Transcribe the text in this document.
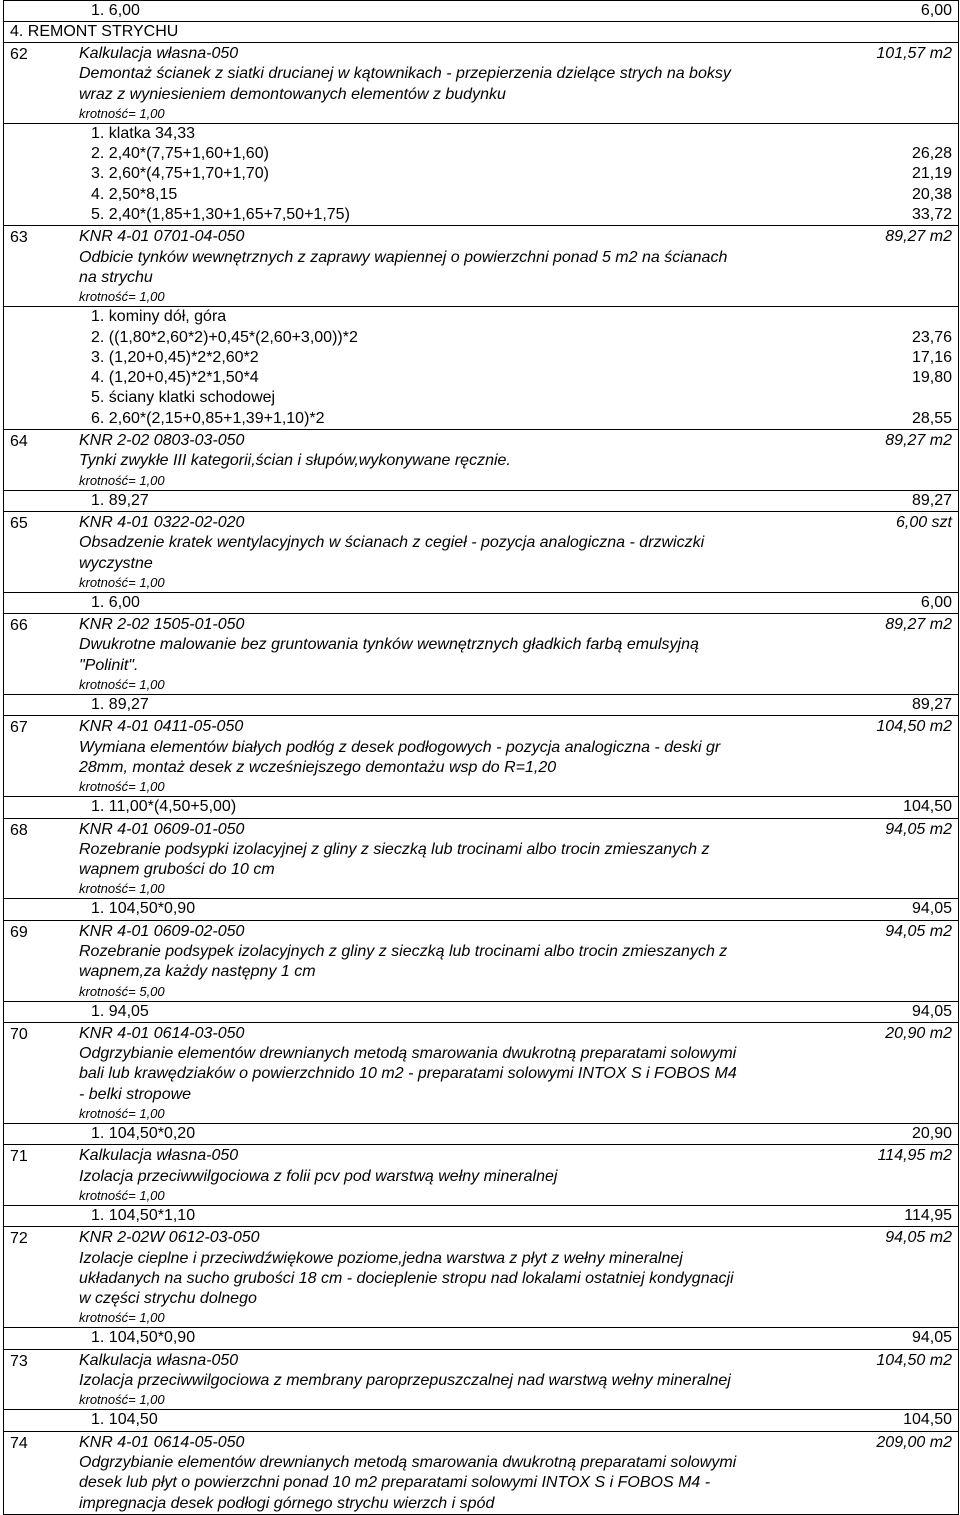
1. 6,00	6,00
4. REMONT STRYCHU
62	Kalkulacja własna-050	101,57 m2
Demontaż ścianek z siatki drucianej w kątownikach - przepierzenia dzielące strych na boksy
wraz z wyniesieniem demontowanych elementów z budynku
krotność= 1,00
1. klatka 34,33
2. 2,40*(7,75+1,60+1,60)	26,28
3. 2,60*(4,75+1,70+1,70)	21,19
4. 2,50*8,15	20,38
5. 2,40*(1,85+1,30+1,65+7,50+1,75)	33,72
63	KNR 4-01 0701-04-050	89,27 m2
Odbicie tynków wewnętrznych z zaprawy wapiennej o powierzchni ponad 5 m2 na ścianach
na strychu
krotność= 1,00
1. kominy dół, góra
2. ((1,80*2,60*2)+0,45*(2,60+3,00))*2	23,76
3. (1,20+0,45)*2*2,60*2	17,16
4. (1,20+0,45)*2*1,50*4	19,80
5. ściany klatki schodowej
6. 2,60*(2,15+0,85+1,39+1,10)*2	28,55
64	KNR 2-02 0803-03-050	89,27 m2
Tynki zwykłe III kategorii,ścian i słupów,wykonywane ręcznie.
krotność= 1,00
1. 89,27	89,27
65	KNR 4-01 0322-02-020	6,00 szt
Obsadzenie kratek wentylacyjnych w ścianach z cegieł - pozycja analogiczna - drzwiczki
wyczystne
krotność= 1,00
1. 6,00	6,00
66	KNR 2-02 1505-01-050	89,27 m2
Dwukrotne malowanie bez gruntowania tynków wewnętrznych gładkich farbą emulsyjną
"Polinit".
krotność= 1,00
1. 89,27	89,27
67	KNR 4-01 0411-05-050	104,50 m2
Wymiana elementów białych podłóg z desek podłogowych - pozycja analogiczna - deski gr
28mm, montaż desek z wcześniejszego demontażu wsp do R=1,20
krotność= 1,00
1. 11,00*(4,50+5,00)	104,50
68	KNR 4-01 0609-01-050	94,05 m2
Rozebranie podsypki izolacyjnej z gliny z sieczką lub trocinami albo trocin zmieszanych z
wapnem grubości do 10 cm
krotność= 1,00
1. 104,50*0,90	94,05
69	KNR 4-01 0609-02-050	94,05 m2
Rozebranie podsypek izolacyjnych z gliny z sieczką lub trocinami albo trocin zmieszanych z
wapnem,za każdy następny 1 cm
krotność= 5,00
1. 94,05	94,05
70	KNR 4-01 0614-03-050	20,90 m2
Odgrzybianie elementów drewnianych metodą smarowania dwukrotną preparatami solowymi
bali lub krawędziaków o powierzchnido 10 m2 - preparatami solowymi INTOX S i FOBOS M4
- belki stropowe
krotność= 1,00
1. 104,50*0,20	20,90
71	Kalkulacja własna-050	114,95 m2
Izolacja przeciwwilgociowa z folii pcv pod warstwą wełny mineralnej
krotność= 1,00
1. 104,50*1,10	114,95
72	KNR 2-02W 0612-03-050	94,05 m2
Izolacje cieplne i przeciwdźwiękowe poziome,jedna warstwa z płyt z wełny mineralnej
układanych na sucho grubości 18 cm - docieplenie stropu nad lokalami ostatniej kondygnacji
w części strychu dolnego
krotność= 1,00
1. 104,50*0,90	94,05
73	Kalkulacja własna-050	104,50 m2
Izolacja przeciwwilgociowa z membrany paroprzepuszczalnej nad warstwą wełny mineralnej
krotność= 1,00
1. 104,50	104,50
74	KNR 4-01 0614-05-050	209,00 m2
Odgrzybianie elementów drewnianych metodą smarowania dwukrotną preparatami solowymi
desek lub płyt o powierzchni ponad 10 m2 preparatami solowymi INTOX S i FOBOS M4 -
impregnacja desek podłogi górnego strychu wierzch i spód
